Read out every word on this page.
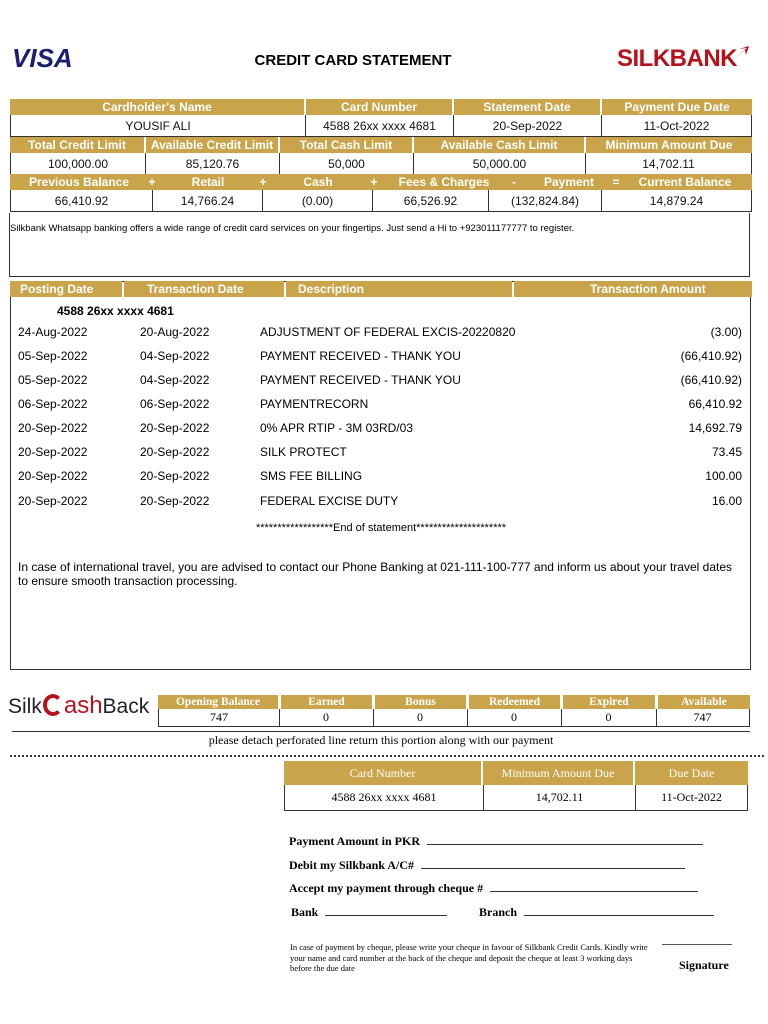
VISA	CREDIT CARD STATEMENT	SILKBANK
Cardholder's Name	Card Number	Statement Date	Payment Due Date
YOUSIF ALI	4588 26xx xxxx 4681	20-Sep-2022	11-Oct-2022
Total Credit Limit	Available Credit Limit	Total Cash Limit	Available Cash Limit	Minimum Amount Due
100,000.00	85,120.76	50,000	50,000.00	14,702.11
Previous Balance	+	Retail	+	Cash	+	Fees & Charges	-	Payment	=	Current Balance
66,410.92	14,766.24	(0.00)	66,526.92	(132,824.84)	14,879.24
Silkbank Whatsapp banking offers a wide range of credit card services on your fingertips. Just send a Hi to +923011177777 to register.
Posting Date	Transaction Date	Description	Transaction Amount
4588 26xx xxxx 4681
24-Aug-2022	20-Aug-2022	ADJUSTMENT OF FEDERAL EXCIS-20220820	(3.00)
05-Sep-2022	04-Sep-2022	PAYMENT RECEIVED - THANK YOU	(66,410.92)
05-Sep-2022	04-Sep-2022	PAYMENT RECEIVED - THANK YOU	(66,410.92)
06-Sep-2022	06-Sep-2022	PAYMENTRECORN	66,410.92
20-Sep-2022	20-Sep-2022	0% APR RTIP - 3M 03RD/03	14,692.79
20-Sep-2022	20-Sep-2022	SILK PROTECT	73.45
20-Sep-2022	20-Sep-2022	SMS FEE BILLING	100.00
20-Sep-2022	20-Sep-2022	FEDERAL EXCISE DUTY	16.00
******************End of statement*********************
In case of international travel, you are advised to contact our Phone Banking at 021-111-100-777 and inform us about your travel dates to ensure smooth transaction processing.
Silk ashBack	Opening Balance	Earned	Bonus	Redeemed	Expired	Available
747	0	0	0	0	747
please detach perforated line return this portion along with our payment
Card Number	Minimum Amount Due	Due Date
4588 26xx xxxx 4681	14,702.11	11-Oct-2022
Payment Amount in PKR
Debit my Silkbank A/C#
Accept my payment through cheque #
Bank	Branch
In case of payment by cheque, please write your cheque in favour of Silkbank Credit Cards. Kindly write your name and card number at the back of the cheque and deposit the cheque at least 3 working days before the due date	Signature
